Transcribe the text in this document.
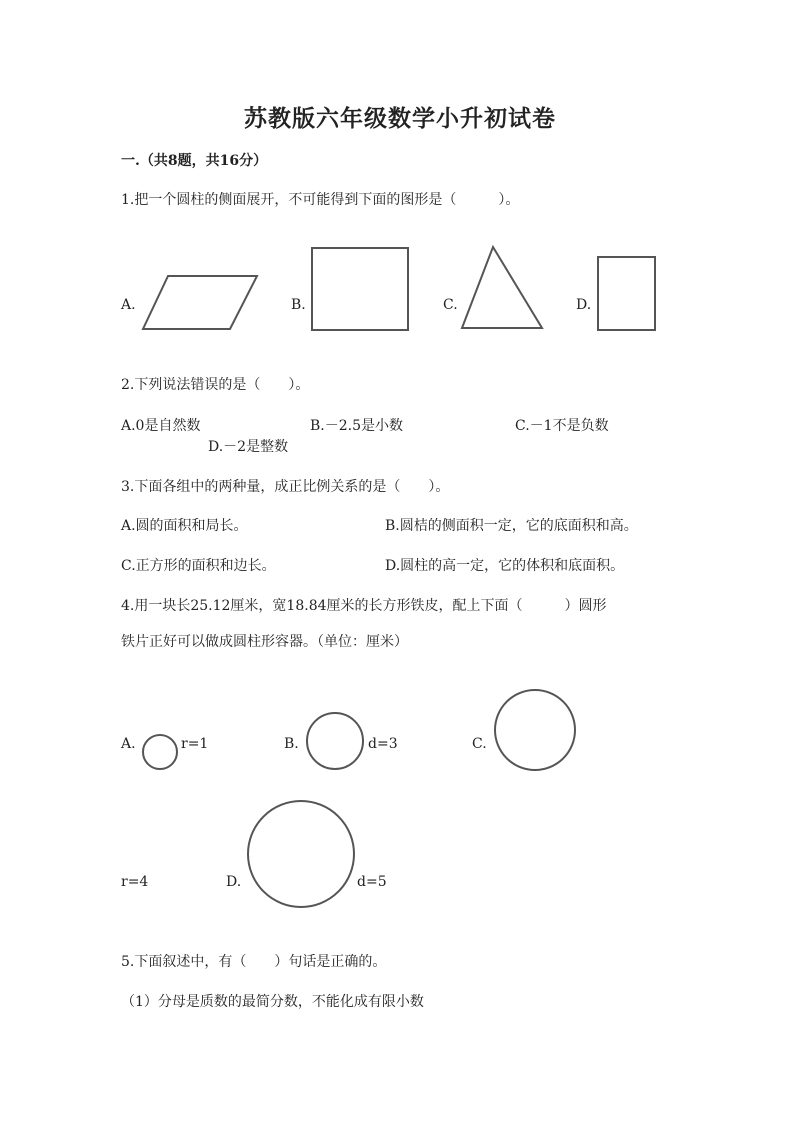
苏教版六年级数学小升初试卷
一.（共8题，共16分）
1.把一个圆柱的侧面展开，不可能得到下面的图形是（　　　）。
A.	B.	C.	D.
2.下列说法错误的是（　　）。
A.0是自然数	B.－2.5是小数	C.－1不是负数
D.－2是整数
3.下面各组中的两种量，成正比例关系的是（　　）。
A.圆的面积和局长。	B.圆桔的侧面积一定，它的底面积和高。
C.正方形的面积和边长。	D.圆柱的高一定，它的体积和底面积。
4.用一块长25.12厘米，宽18.84厘米的长方形铁皮，配上下面（　　　）圆形
铁片正好可以做成圆柱形容器。（单位：厘米）
A.	r=1	B.	d=3	C.
r=4	D.	d=5
5.下面叙述中，有（　　）句话是正确的。
（1）分母是质数的最简分数，不能化成有限小数
